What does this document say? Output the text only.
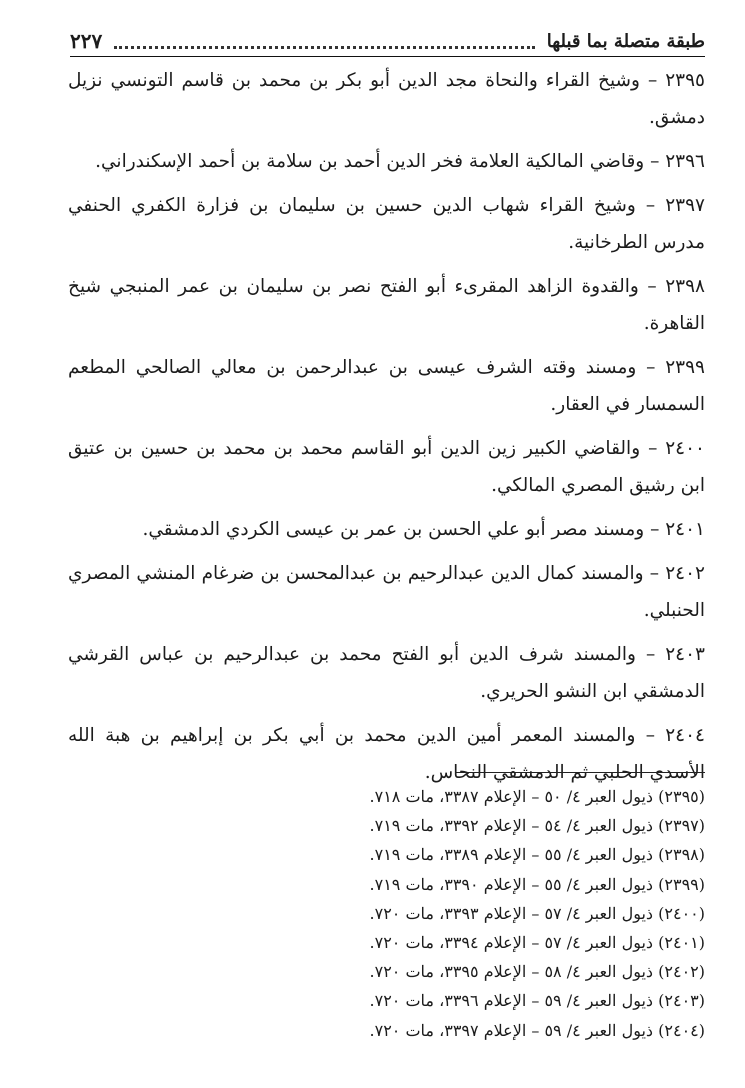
طبقة متصلة بما قبلها
٢٢٧

٢٣٩٥ – وشيخ القراء والنحاة مجد الدين أبو بكر بن محمد بن قاسم التونسي نزيل دمشق.

٢٣٩٦ – وقاضي المالكية العلامة فخر الدين أحمد بن سلامة بن أحمد الإسكندراني.

٢٣٩٧ – وشيخ القراء شهاب الدين حسين بن سليمان بن فزارة الكفري الحنفي مدرس الطرخانية.

٢٣٩٨ – والقدوة الزاهد المقرىء أبو الفتح نصر بن سليمان بن عمر المنبجي شيخ القاهرة.

٢٣٩٩ – ومسند وقته الشرف عيسى بن عبدالرحمن بن معالي الصالحي المطعم السمسار في العقار.

٢٤٠٠ – والقاضي الكبير زين الدين أبو القاسم محمد بن محمد بن حسين بن عتيق ابن رشيق المصري المالكي.

٢٤٠١ – ومسند مصر أبو علي الحسن بن عمر بن عيسى الكردي الدمشقي.

٢٤٠٢ – والمسند كمال الدين عبدالرحيم بن عبدالمحسن بن ضرغام المنشي المصري الحنبلي.

٢٤٠٣ – والمسند شرف الدين أبو الفتح محمد بن عبدالرحيم بن عباس القرشي الدمشقي ابن النشو الحريري.

٢٤٠٤ – والمسند المعمر أمين الدين محمد بن أبي بكر بن إبراهيم بن هبة الله الأسدي الحلبي ثم الدمشقي النحاس.

(٢٣٩٥) ذيول العبر ٤/ ٥٠ – الإعلام ٣٣٨٧، مات ٧١٨.
(٢٣٩٧) ذيول العبر ٤/ ٥٤ – الإعلام ٣٣٩٢، مات ٧١٩.
(٢٣٩٨) ذيول العبر ٤/ ٥٥ – الإعلام ٣٣٨٩، مات ٧١٩.
(٢٣٩٩) ذيول العبر ٤/ ٥٥ – الإعلام ٣٣٩٠، مات ٧١٩.
(٢٤٠٠) ذيول العبر ٤/ ٥٧ – الإعلام ٣٣٩٣، مات ٧٢٠.
(٢٤٠١) ذيول العبر ٤/ ٥٧ – الإعلام ٣٣٩٤، مات ٧٢٠.
(٢٤٠٢) ذيول العبر ٤/ ٥٨ – الإعلام ٣٣٩٥، مات ٧٢٠.
(٢٤٠٣) ذيول العبر ٤/ ٥٩ – الإعلام ٣٣٩٦، مات ٧٢٠.
(٢٤٠٤) ذيول العبر ٤/ ٥٩ – الإعلام ٣٣٩٧، مات ٧٢٠.
